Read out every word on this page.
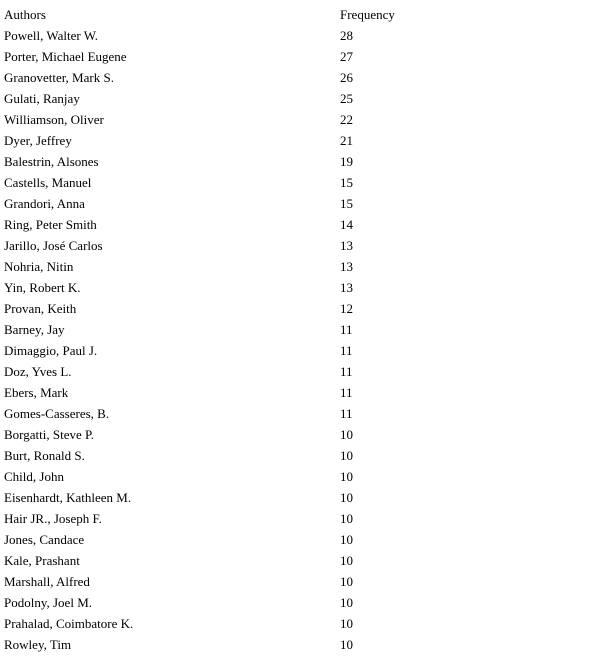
Authors	Frequency
Powell, Walter W.	28
Porter, Michael Eugene	27
Granovetter, Mark S.	26
Gulati, Ranjay	25
Williamson, Oliver	22
Dyer, Jeffrey	21
Balestrin, Alsones	19
Castells, Manuel	15
Grandori, Anna	15
Ring, Peter Smith	14
Jarillo, José Carlos	13
Nohria, Nitin	13
Yin, Robert K.	13
Provan, Keith	12
Barney, Jay	11
Dimaggio, Paul J.	11
Doz, Yves L.	11
Ebers, Mark	11
Gomes-Casseres, B.	11
Borgatti, Steve P.	10
Burt, Ronald S.	10
Child, John	10
Eisenhardt, Kathleen M.	10
Hair JR., Joseph F.	10
Jones, Candace	10
Kale, Prashant	10
Marshall, Alfred	10
Podolny, Joel M.	10
Prahalad, Coimbatore K.	10
Rowley, Tim	10
